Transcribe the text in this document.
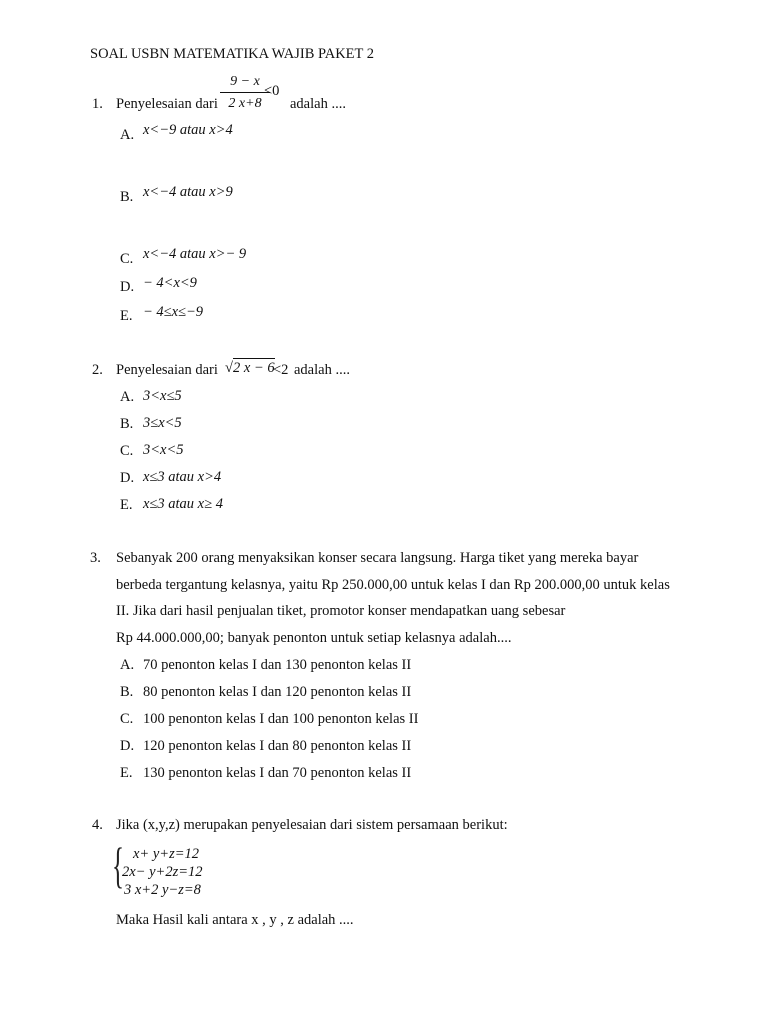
SOAL USBN MATEMATIKA WAJIB PAKET 2
1. Penyelesaian dari
9 − x
2 x+8
<0
adalah ....
A. x<−9 atau x>4
B. x<−4 atau x>9
C. x<−4 atau x>− 9
D. − 4<x<9
E. − 4≤x≤−9
2. Penyelesaian dari √2 x − 6
<2 adalah ....
A. 3<x≤5
B. 3≤x<5
C. 3<x<5
D. x≤3 atau x>4
E. x≤3 atau x≥ 4
3. Sebanyak 200 orang menyaksikan konser secara langsung. Harga tiket yang mereka bayar
berbeda tergantung kelasnya, yaitu Rp 250.000,00 untuk kelas I dan Rp 200.000,00 untuk kelas
II. Jika dari hasil penjualan tiket, promotor konser mendapatkan uang sebesar
Rp 44.000.000,00; banyak penonton untuk setiap kelasnya adalah....
A. 70 penonton kelas I dan 130 penonton kelas II
B. 80 penonton kelas I dan 120 penonton kelas II
C. 100 penonton kelas I dan 100 penonton kelas II
D. 120 penonton kelas I dan 80 penonton kelas II
E. 130 penonton kelas I dan 70 penonton kelas II
4. Jika (x,y,z) merupakan penyelesaian dari sistem persamaan berikut:
{ x+ y+z=12
2x− y+2z=12
3 x+2 y−z=8
Maka Hasil kali antara x , y , z adalah ....
